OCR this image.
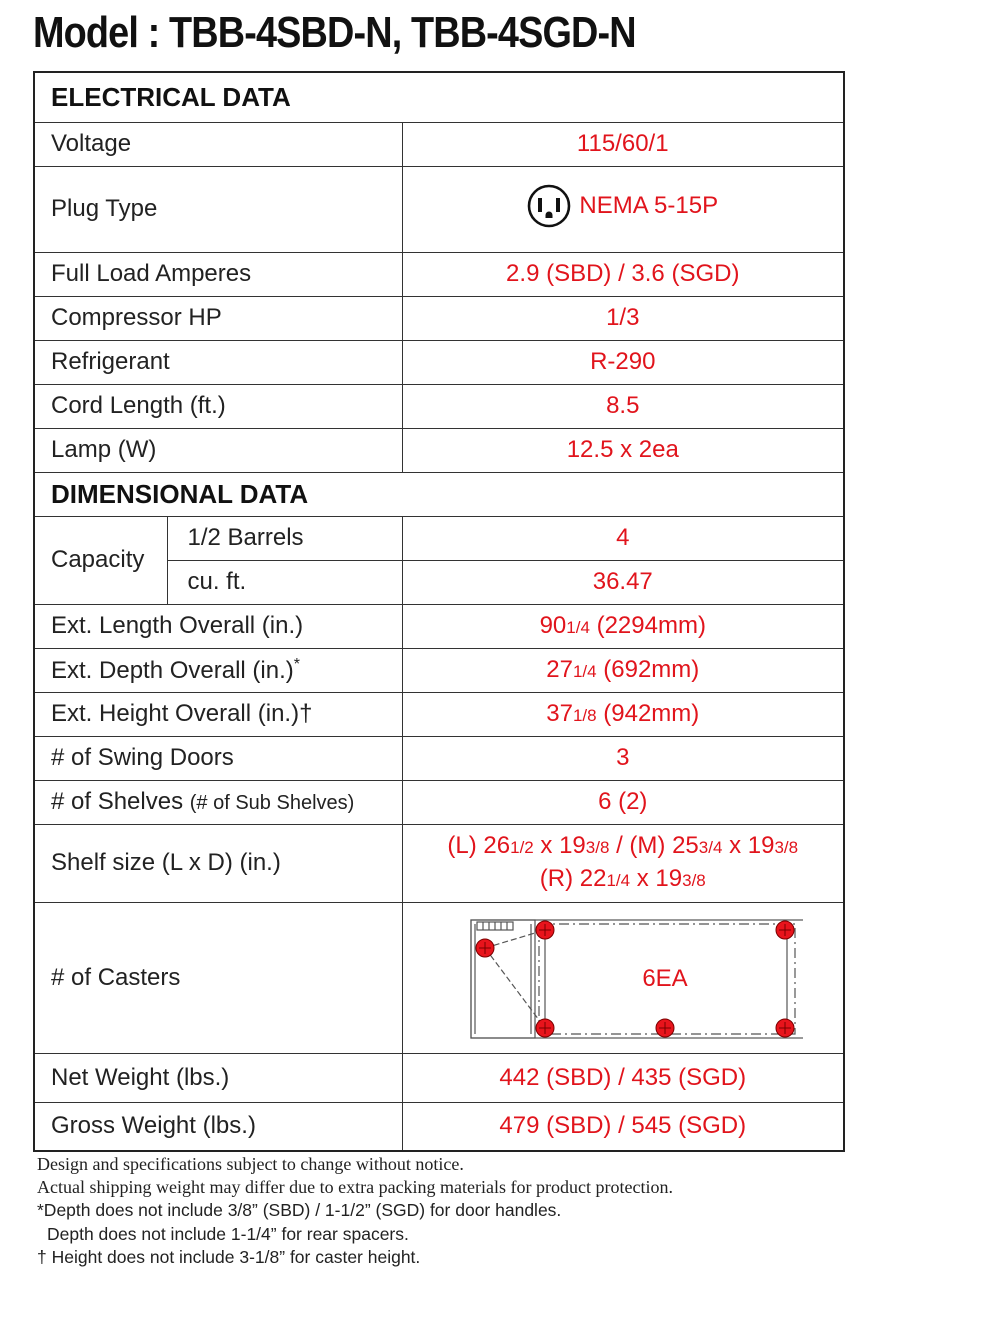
Model : TBB-4SBD-N, TBB-4SGD-N
ELECTRICAL DATA		
Voltage		115/60/1
Plug Type		NEMA 5-15P

Full Load Amperes		2.9 (SBD) / 3.6 (SGD)
Compressor HP		1/3
Refrigerant		R-290
Cord Length (ft.)		8.5
Lamp (W)		12.5 x 2ea
DIMENSIONAL DATA		
Capacity	1/2 Barrels	4
	cu. ft.	36.47
Ext. Length Overall (in.)		901/4 (2294mm)
Ext. Depth Overall (in.)*		271/4 (692mm)
Ext. Height Overall (in.)†		371/8 (942mm)
# of Swing Doors		3
# of Shelves (# of Sub Shelves)		6 (2)
Shelf size (L x D) (in.)		(L) 261/2 x 193/8 / (M) 253/4 x 193/8
(R) 221/4 x 193/8

# of Casters		6EA

Net Weight (lbs.)		442 (SBD) / 435 (SGD)
Gross Weight (lbs.)		479 (SBD) / 545 (SGD)
Design and specifications subject to change without notice.
Actual shipping weight may differ due to extra packing materials for product protection.
*Depth does not include 3/8” (SBD) / 1-1/2” (SGD) for door handles.
Depth does not include 1-1/4” for rear spacers.
† Height does not include 3-1/8” for caster height.
